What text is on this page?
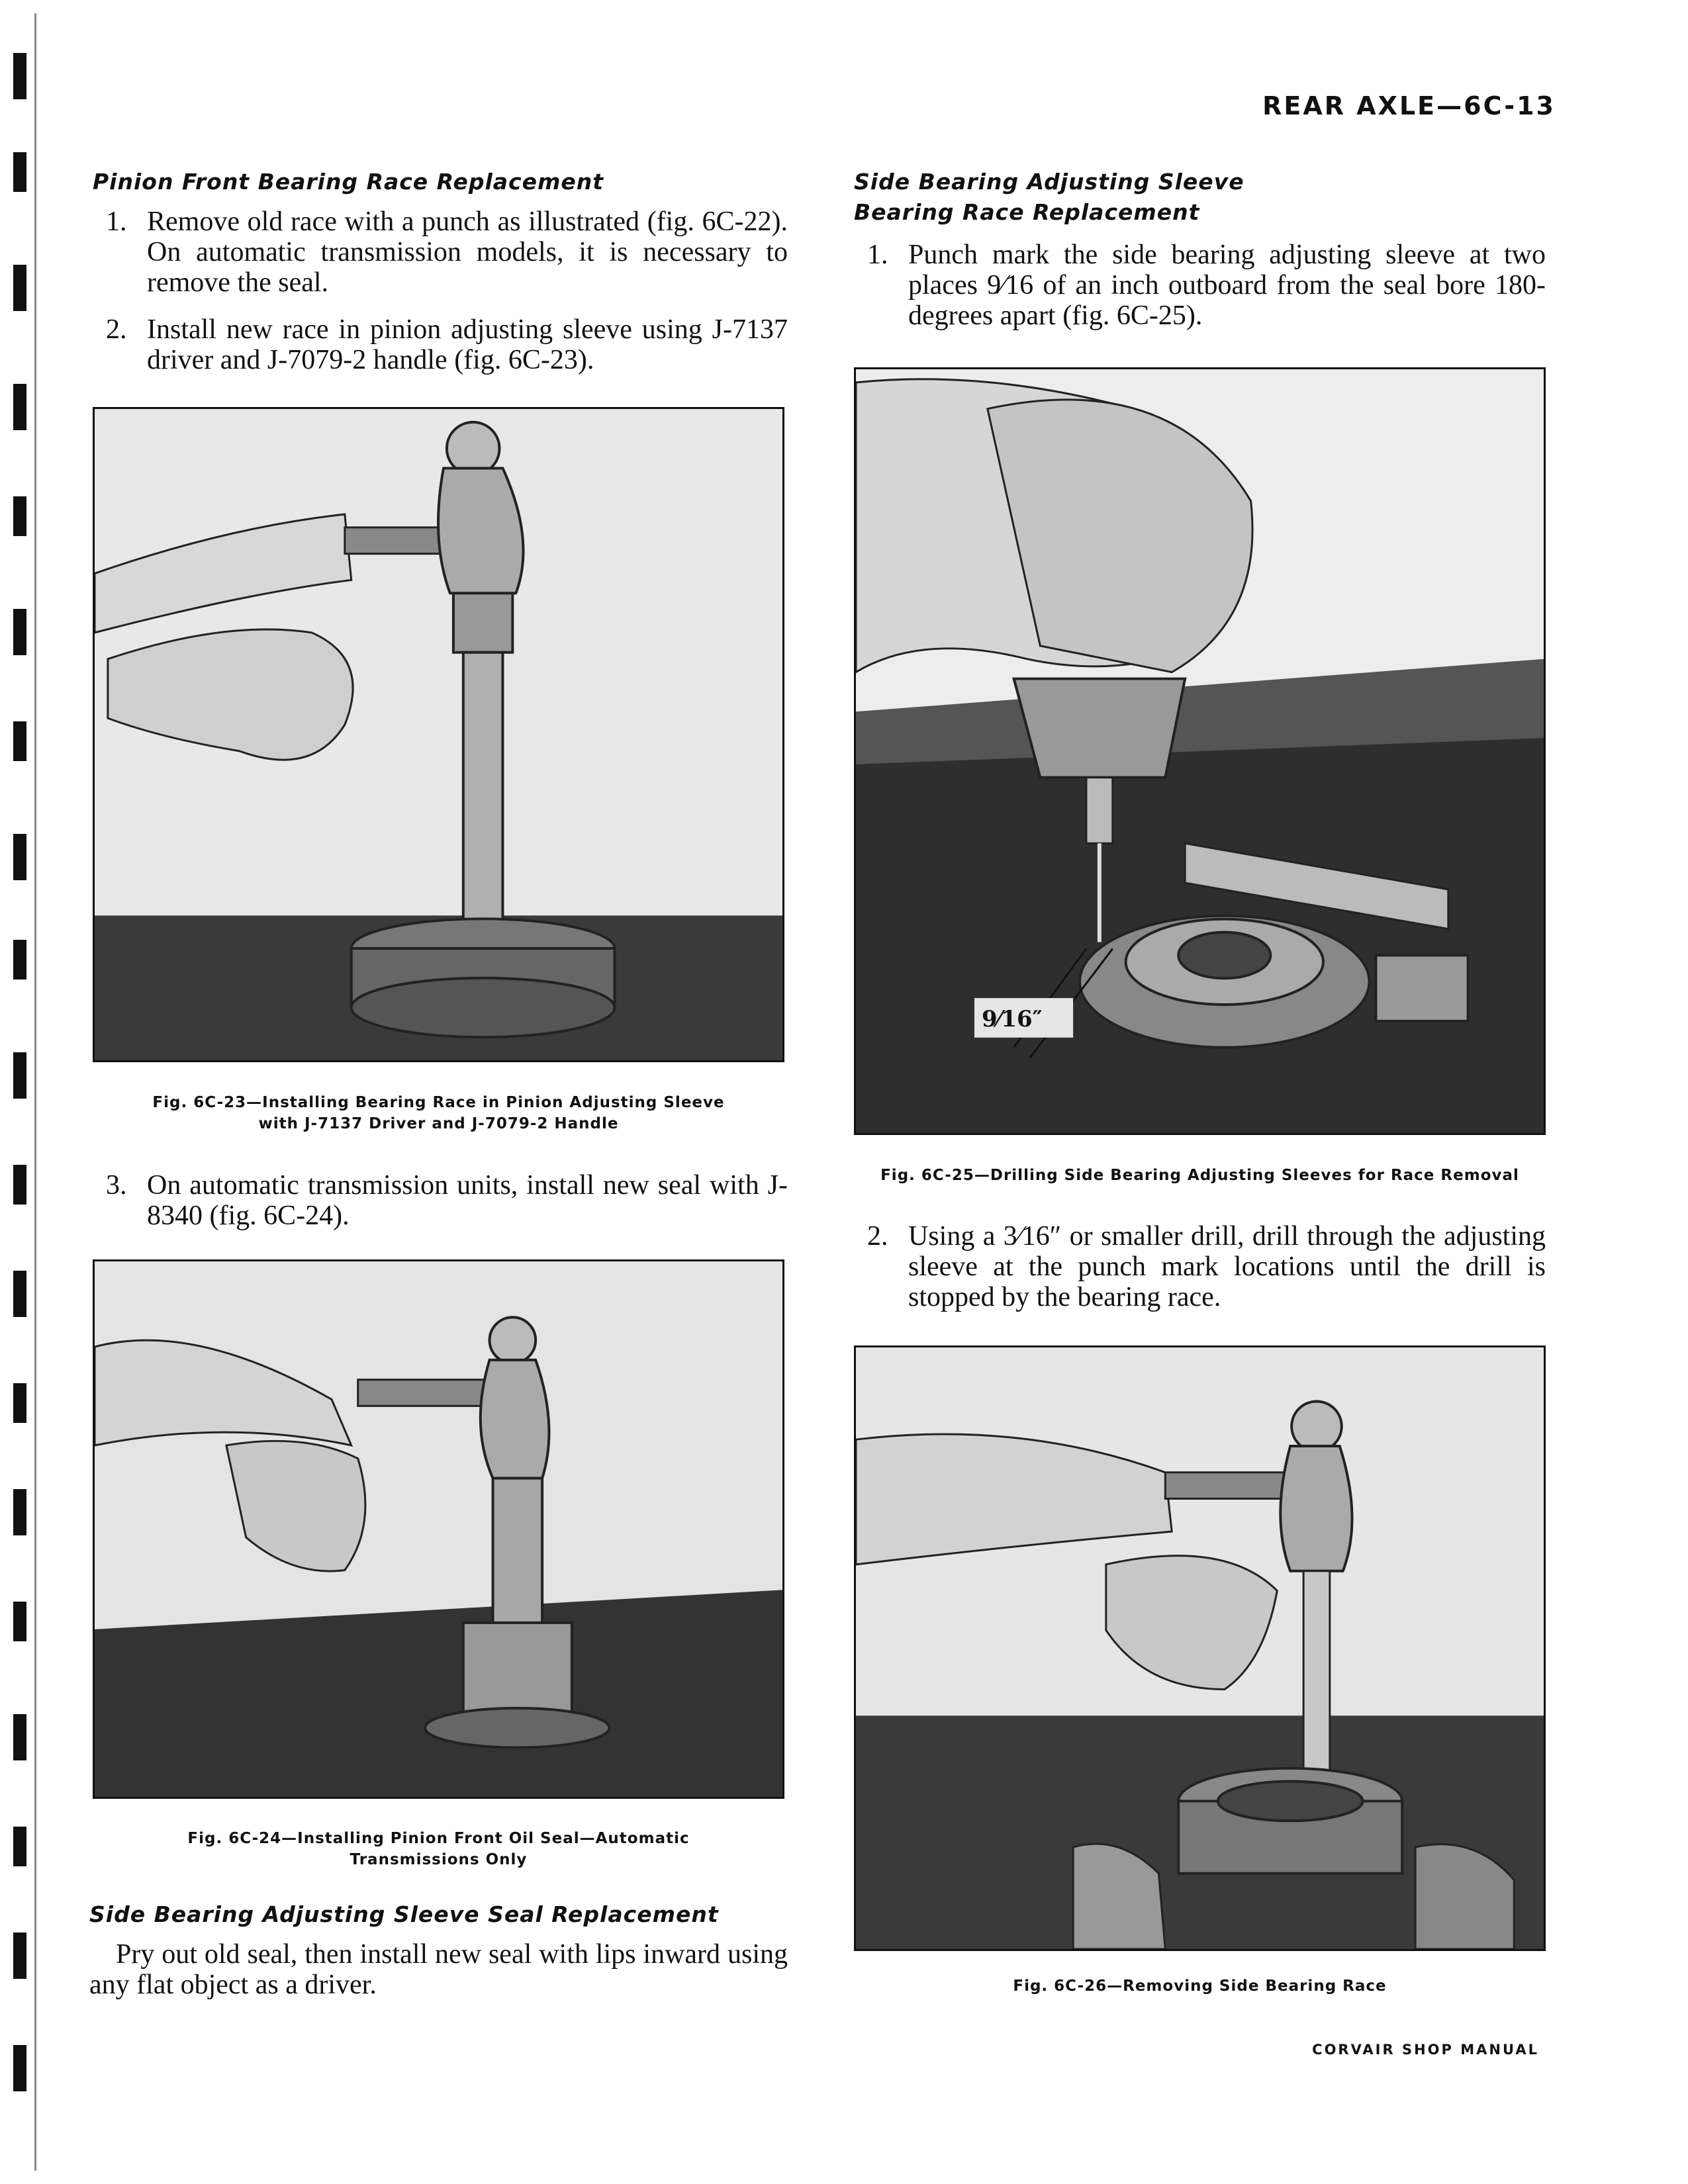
REAR AXLE—6C-13
Pinion Front Bearing Race Replacement
1. Remove old race with a punch as illustrated (fig. 6C-22). On automatic transmission models, it is necessary to remove the seal.
2. Install new race in pinion adjusting sleeve using J-7137 driver and J-7079-2 handle (fig. 6C-23).
Fig. 6C-23—Installing Bearing Race in Pinion Adjusting Sleeve
with J-7137 Driver and J-7079-2 Handle
3. On automatic transmission units, install new seal with J-8340 (fig. 6C-24).
Fig. 6C-24—Installing Pinion Front Oil Seal—Automatic
Transmissions Only
Side Bearing Adjusting Sleeve Seal Replacement
Pry out old seal, then install new seal with lips inward using any flat object as a driver.
Side Bearing Adjusting Sleeve
Bearing Race Replacement
1. Punch mark the side bearing adjusting sleeve at two places 9⁄16 of an inch outboard from the seal bore 180-degrees apart (fig. 6C-25).
9⁄16″
Fig. 6C-25—Drilling Side Bearing Adjusting Sleeves for Race Removal
2. Using a 3⁄16″ or smaller drill, drill through the adjusting sleeve at the punch mark locations until the drill is stopped by the bearing race.
Fig. 6C-26—Removing Side Bearing Race
CORVAIR SHOP MANUAL
